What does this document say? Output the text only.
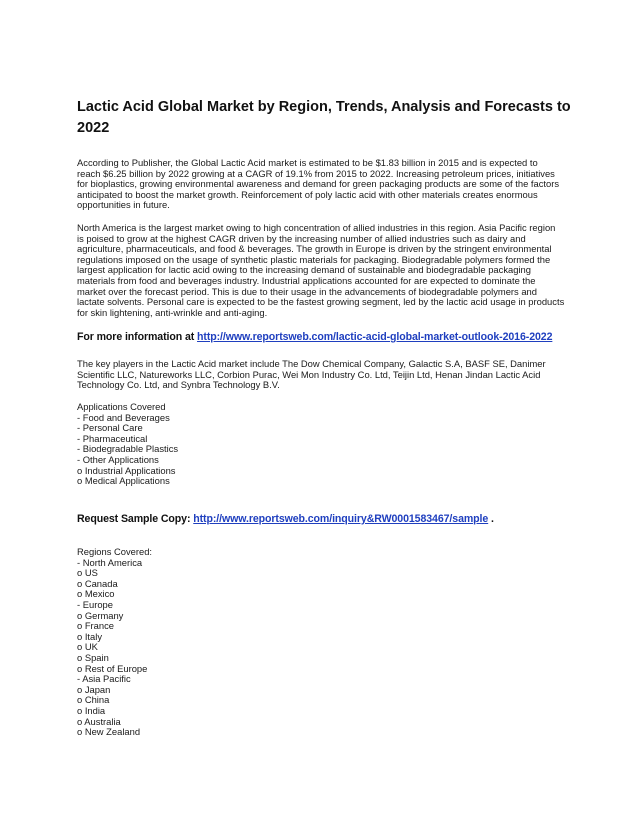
Lactic Acid Global Market by Region, Trends, Analysis and Forecasts to
2022
According to Publisher, the Global Lactic Acid market is estimated to be $1.83 billion in 2015 and is expected to
reach $6.25 billion by 2022 growing at a CAGR of 19.1% from 2015 to 2022. Increasing petroleum prices, initiatives
for bioplastics, growing environmental awareness and demand for green packaging products are some of the factors
anticipated to boost the market growth. Reinforcement of poly lactic acid with other materials creates enormous
opportunities in future.
North America is the largest market owing to high concentration of allied industries in this region. Asia Pacific region
is poised to grow at the highest CAGR driven by the increasing number of allied industries such as dairy and
agriculture, pharmaceuticals, and food & beverages. The growth in Europe is driven by the stringent environmental
regulations imposed on the usage of synthetic plastic materials for packaging. Biodegradable polymers formed the
largest application for lactic acid owing to the increasing demand of sustainable and biodegradable packaging
materials from food and beverages industry. Industrial applications accounted for are expected to dominate the
market over the forecast period. This is due to their usage in the advancements of biodegradable polymers and
lactate solvents. Personal care is expected to be the fastest growing segment, led by the lactic acid usage in products
for skin lightening, anti-wrinkle and anti-aging.
For more information at http://www.reportsweb.com/lactic-acid-global-market-outlook-2016-2022
The key players in the Lactic Acid market include The Dow Chemical Company, Galactic S.A, BASF SE, Danimer
Scientific LLC, Natureworks LLC, Corbion Purac, Wei Mon Industry Co. Ltd, Teijin Ltd, Henan Jindan Lactic Acid
Technology Co. Ltd, and Synbra Technology B.V.
Applications Covered
- Food and Beverages
- Personal Care
- Pharmaceutical
- Biodegradable Plastics
- Other Applications
o Industrial Applications
o Medical Applications
Request Sample Copy: http://www.reportsweb.com/inquiry&RW0001583467/sample .
Regions Covered:
- North America
o US
o Canada
o Mexico
- Europe
o Germany
o France
o Italy
o UK
o Spain
o Rest of Europe
- Asia Pacific
o Japan
o China
o India
o Australia
o New Zealand
